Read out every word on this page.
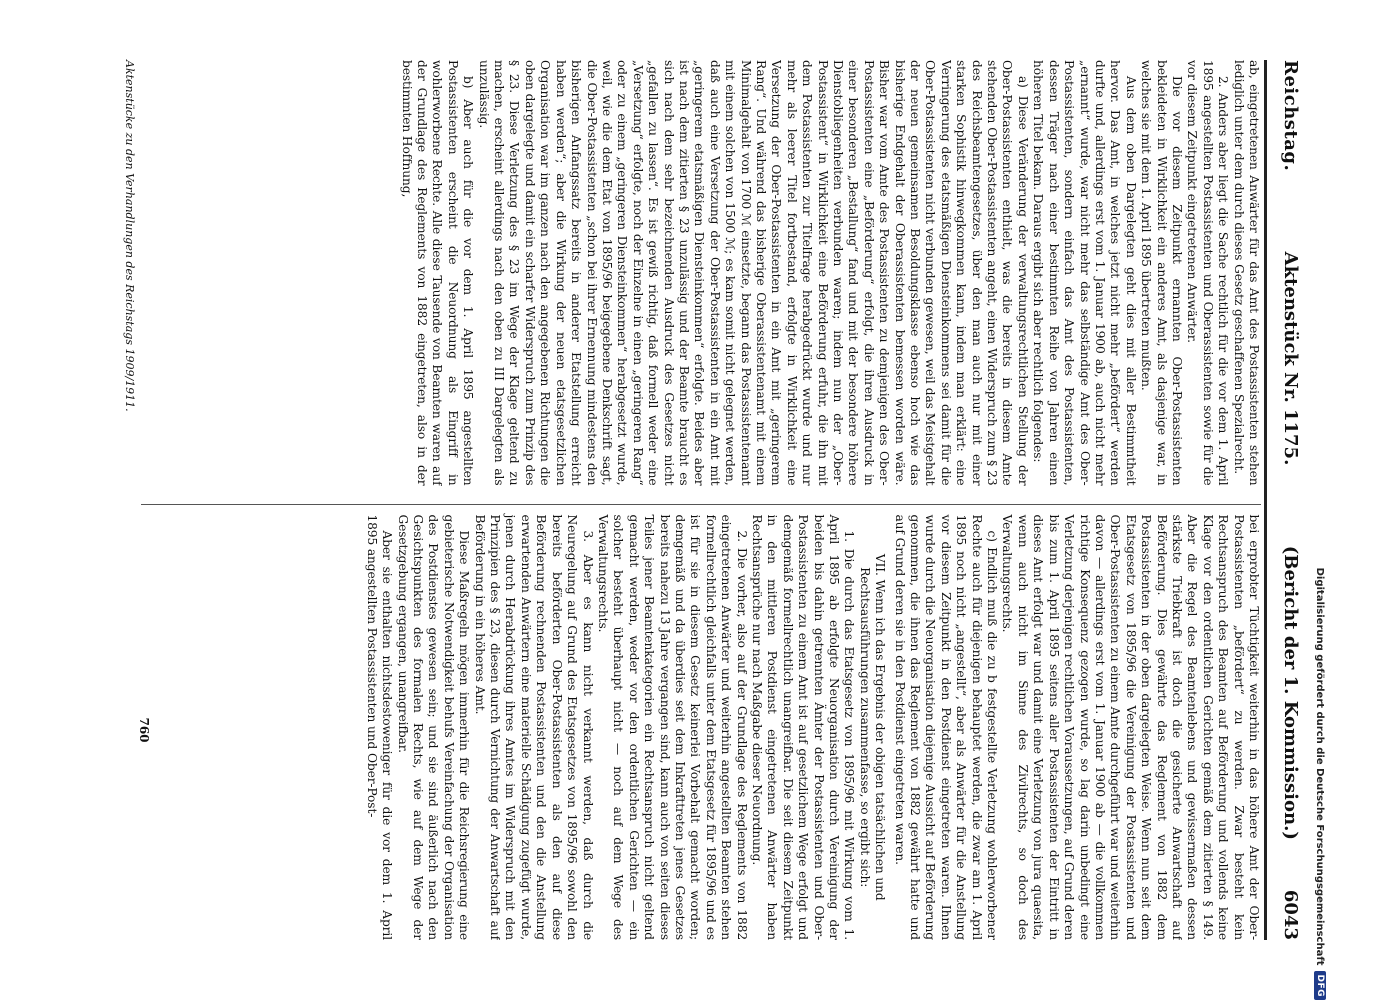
Reichstag.
Aktenstück Nr. 1175.
(Bericht der 1. Kommission.)
6043

ab, eingetretenen Anwärter für das Amt des Postassistenten stehen lediglich unter dem durch dieses Gesetz geschaffenen Spezialrecht.

2. Anders aber liegt die Sache rechtlich für die vor dem 1. April 1895 angestellten Postassistenten und Oberassistenten sowie für die vor diesem Zeitpunkt eingetretenen Anwärter.

Die vor diesem Zeitpunkt ernannten Ober-Postassistenten bekleideten in Wirklichkeit ein anderes Amt, als dasjenige war, in welches sie mit dem 1. April 1895 übertreten mußten.

Aus dem oben Dargelegten geht dies mit aller Bestimmtheit hervor. Das Amt, in welches jetzt nicht mehr „befördert“ werden durfte und, allerdings erst vom 1. Januar 1900 ab, auch nicht mehr „ernannt“ wurde, war nicht mehr das selbständige Amt des Ober-Postassistenten, sondern einfach das Amt des Postassistenten, dessen Träger nach einer bestimmten Reihe von Jahren einen höheren Titel bekam. Daraus ergibt sich aber rechtlich folgendes:

a) Diese Veränderung der verwaltungsrechtlichen Stellung der Ober-Postassistenten enthielt, was die bereits in diesem Amte stehenden Ober-Postassistenten angeht, einen Widerspruch zum § 23 des Reichsbeamtengesetzes, über den man auch nur mit einer starken Sophistik hinwegkommen kann, indem man erklärt: eine Verringerung des etatsmäßigen Diensteinkommens sei damit für die Ober-Postassistenten nicht verbunden gewesen, weil das Meistgehalt der neuen gemeinsamen Besoldungsklasse ebenso hoch wie das bisherige Endgehalt der Oberassistenten bemessen worden wäre. Bisher war vom Amte des Postassistenten zu demjenigen des Ober-Postassistenten eine „Beförderung“ erfolgt, die ihren Ausdruck in einer besonderen „Bestallung“ fand und mit der besondere höhere Dienstobliegenheiten verbunden waren; indem nun der „Ober-Postassistent“ in Wirklichkeit eine Beförderung erfuhr, die ihn mit dem Postassistenten zur Titelfrage herabgedrückt wurde und nur mehr als leerer Titel fortbestand, erfolgte in Wirklichkeit eine Versetzung der Ober-Postassistenten in ein Amt mit „geringerem Rang“. Und während das bisherige Oberassistentenamt mit einem Minimalgehalt von 1700 ℳ einsetzte, begann das Postassistentenamt mit einem solchen von 1500 ℳ; es kam somit nicht gelegnet werden, daß auch eine Versetzung der Ober-Postassistenten in ein Amt mit „geringerem etatsmäßigen Diensteinkommen“ erfolgte. Beides aber ist nach dem zitierten § 23 unzulässig und der Beamte braucht es sich nach dem sehr bezeichnenden Ausdruck des Gesetzes nicht „gefallen zu lassen“. Es ist gewiß richtig, daß formell weder eine „Versetzung“ erfolgte, noch der Einzelne in einen „geringeren Rang“ oder zu einem „geringeren Diensteinkommen“ herabgesetzt wurde, weil, wie die dem Etat von 1895/96 beigegebene Denkschrift sagt, die Ober-Postassistenten „schon bei ihrer Ernennung mindestens den bisherigen Anfangssatz bereits in anderer Etatstellung erreicht haben werden“; aber die Wirkung der neuen etatsgesetzlichen Organisation war im ganzen nach den angegebenen Richtungen die oben dargelegte und damit ein scharfer Widerspruch zum Prinzip des § 23. Diese Verletzung des § 23 im Wege der Klage geltend zu machen, erscheint allerdings nach den oben zu III Dargelegten als unzulässig.

b) Aber auch für die vor dem 1. April 1895 angestellten Postassistenten erscheint die Neuordnung als Eingriff in wohlerworbene Rechte. Alle diese Tausende von Beamten waren auf der Grundlage des Reglements von 1882 eingetreten, also in der bestimmten Hoffnung,

bei erprobter Tüchtigkeit weiterhin in das höhere Amt der Ober-Postassistenten „befördert“ zu werden. Zwar besteht kein Rechtsanspruch des Beamten auf Beförderung und vollends keine Klage vor den ordentlichen Gerichten gemäß dem zitierten § 149. Aber die Regel des Beamtenlebens und gewissermaßen dessen stärkste Triebkraft ist doch die gesicherte Anwartschaft auf Beförderung. Dies gewährte das Reglement von 1882 dem Postassistenten in der oben dargelegten Weise. Wenn nun seit dem Etatsgesetz von 1895/96 die Vereinigung der Postassistenten und Ober-Postassistenten zu einem Amte durchgeführt war und weiterhin davon — allerdings erst vom 1. Januar 1900 ab — die vollkommen richtige Konsequenz gezogen wurde, so lag darin unbedingt eine Verletzung derjenigen rechtlichen Voraussetzungen, auf Grund deren bis zum 1. April 1895 seitens aller Postassistenten der Eintritt in dieses Amt erfolgt war und damit eine Verletzung von jura quaesita, wenn auch nicht im Sinne des Zivilrechts, so doch des Verwaltungsrechts.

c) Endlich muß die zu b festgestellte Verletzung wohlerworbener Rechte auch für diejenigen behauptet werden, die zwar am 1. April 1895 noch nicht „angestellt“, aber als Anwärter für die Anstellung vor diesem Zeitpunkt in den Postdienst eingetreten waren. Ihnen wurde durch die Neuorganisation diejenige Aussicht auf Beförderung genommen, die ihnen das Reglement von 1882 gewährt hatte und auf Grund deren sie in den Postdienst eingetreten waren.

VII. Wenn ich das Ergebnis der obigen tatsächlichen und Rechtsausführungen zusammenfasse, so ergibt sich:

1. Die durch das Etatsgesetz von 1895/96 mit Wirkung vom 1. April 1895 ab erfolgte Neuorganisation durch Vereinigung der beiden bis dahin getrennten Ämter der Postassistenten und Ober-Postassistenten zu einem Amt ist auf gesetzlichem Wege erfolgt und demgemäß formellrechtlich unangreifbar. Die seit diesem Zeitpunkt in den mittleren Postdienst eingetretenen Anwärter haben Rechtsansprüche nur nach Maßgabe dieser Neuordnung.

2. Die vorher, also auf der Grundlage des Reglements von 1882 eingetretenen Anwärter und weiterhin angestellten Beamten stehen formellrechtlich gleichfalls unter dem Etatsgesetz für 1895/96 und es ist für sie in diesem Gesetz keinerlei Vorbehalt gemacht worden; demgemäß und da überdies seit dem Inkrafttreten jenes Gesetzes bereits nahezu 13 Jahre vergangen sind, kann auch von seiten dieses Teiles jener Beamtenkategorien ein Rechtsanspruch nicht geltend gemacht werden, weder vor den ordentlichen Gerichten — ein solcher besteht überhaupt nicht — noch auf dem Wege des Verwaltungsrechts.

3. Aber es kann nicht verkannt werden, daß durch die Neuregelung auf Grund des Etatsgesetzes von 1895/96 sowohl den bereits beförderten Ober-Postassistenten als den auf diese Beförderung rechnenden Postassistenten und den die Anstellung erwartenden Anwärtern eine materielle Schädigung zugefügt wurde, jenen durch Herabdrückung ihres Amtes im Widerspruch mit den Prinzipien des § 23, diesen durch Vernichtung der Anwartschaft auf Beförderung in ein höheres Amt.

Diese Maßregeln mögen immerhin für die Reichsregierung eine gebieterische Notwendigkeit behufs Vereinfachung der Organisation des Postdienstes gewesen sein; und sie sind äußerlich nach den Gesichtspunkten des formalen Rechts, wie auf dem Wege der Gesetzgebung ergangen, unangreifbar.

Aber sie enthalten nichtsdestoweniger für die vor dem 1. April 1895 angestellten Postassistenten und Ober-Post-

Aktenstücke zu den Verhandlungen des Reichstags 1909/1911.
760	Digitalisierung gefördert durch die Deutsche Forschungsgemeinschaft
DFG
